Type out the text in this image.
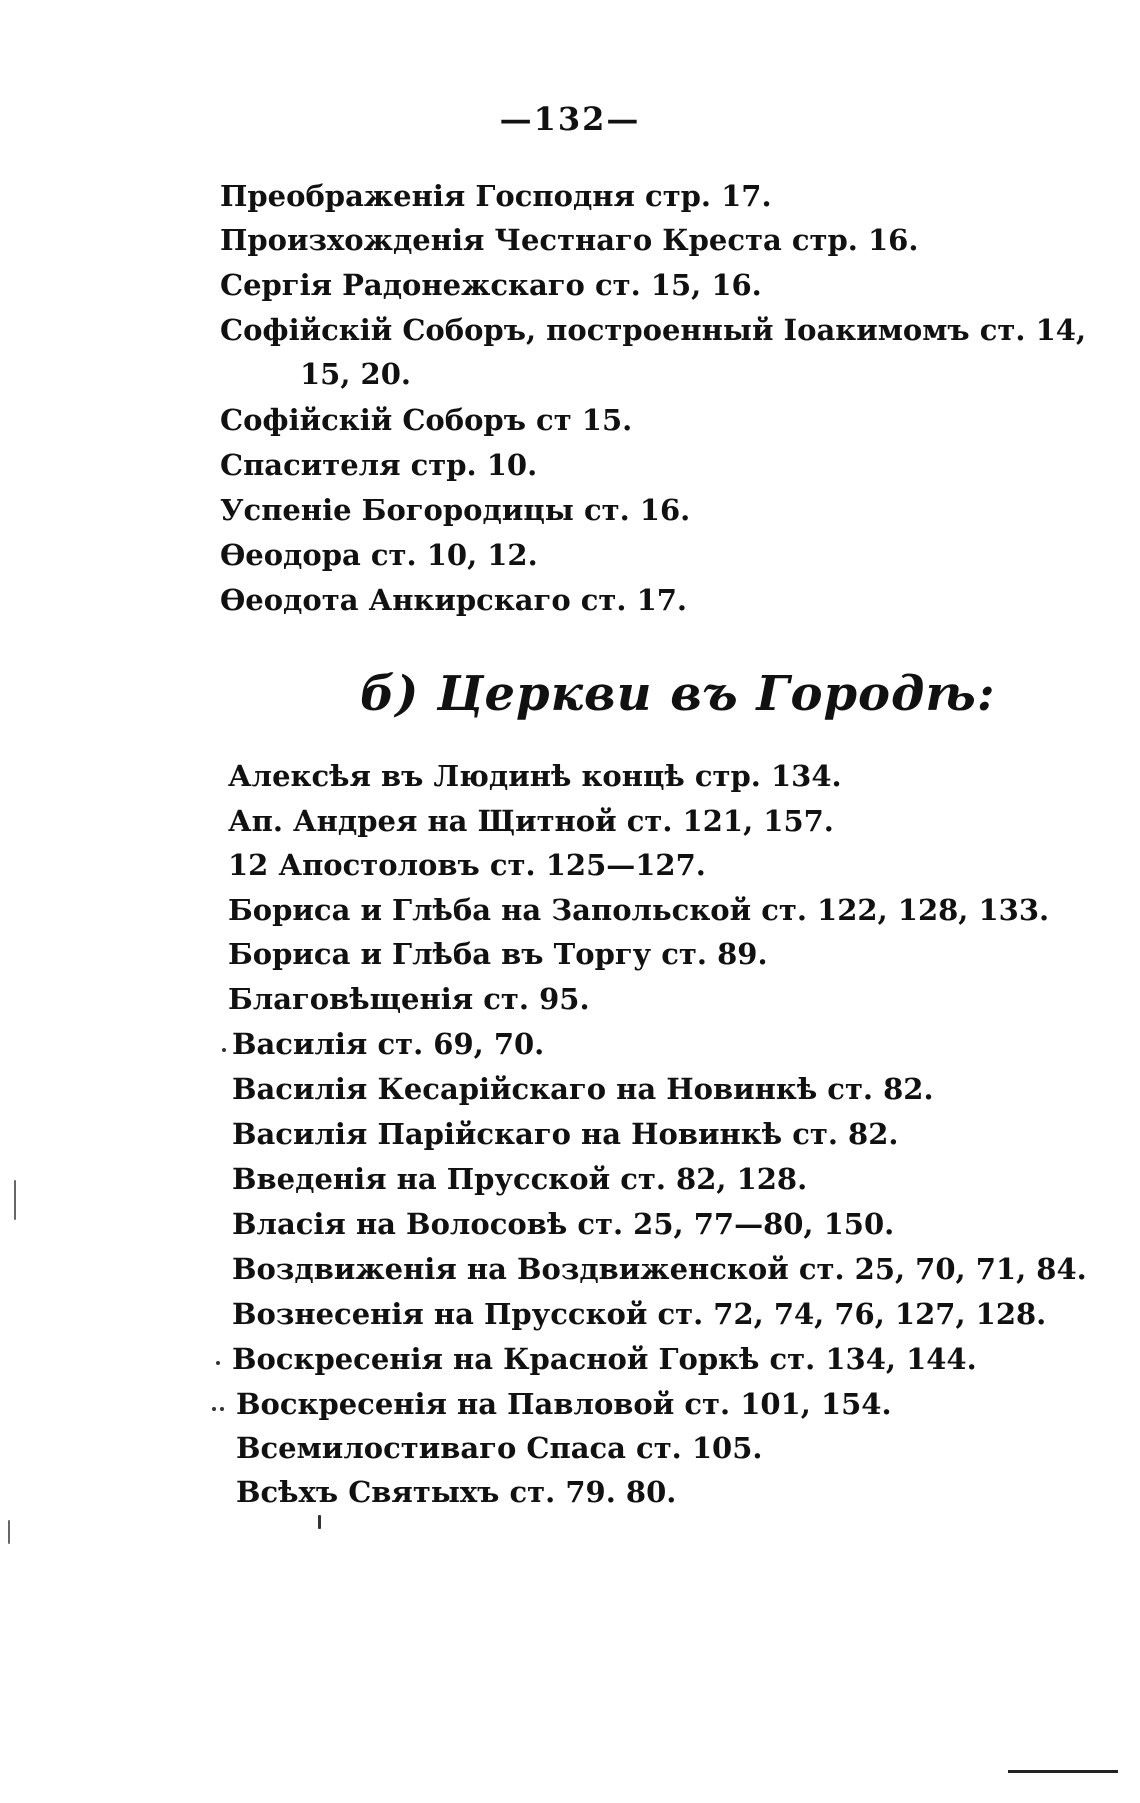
—132—
Преображенія Господня стр. 17.
Произхожденія Честнаго Креста стр. 16.
Сергія Радонежскаго ст. 15, 16.
Софійскій Соборъ, построенный Іоакимомъ ст. 14,
15, 20.
Софійскій Соборъ ст 15.
Спасителя стр. 10.
Успеніе Богородицы ст. 16.
Ѳеодора ст. 10, 12.
Ѳеодота Анкирскаго ст. 17.
б) Церкви въ Городѣ:
Алексѣя въ Людинѣ концѣ стр. 134.
Ап. Андрея на Щитной ст. 121, 157.
12 Апостоловъ ст. 125—127.
Бориса и Глѣба на Запольской ст. 122, 128, 133.
Бориса и Глѣба въ Торгу ст. 89.
Благовѣщенія ст. 95.
Василія ст. 69, 70.
Василія Кесарійскаго на Новинкѣ ст. 82.
Василія Парійскаго на Новинкѣ ст. 82.
Введенія на Прусской ст. 82, 128.
Власія на Волосовѣ ст. 25, 77—80, 150.
Воздвиженія на Воздвиженской ст. 25, 70, 71, 84.
Вознесенія на Прусской ст. 72, 74, 76, 127, 128.
Воскресенія на Красной Горкѣ ст. 134, 144.
Воскресенія на Павловой ст. 101, 154.
Всемилостиваго Спаса ст. 105.
Всѣхъ Святыхъ ст. 79. 80.
